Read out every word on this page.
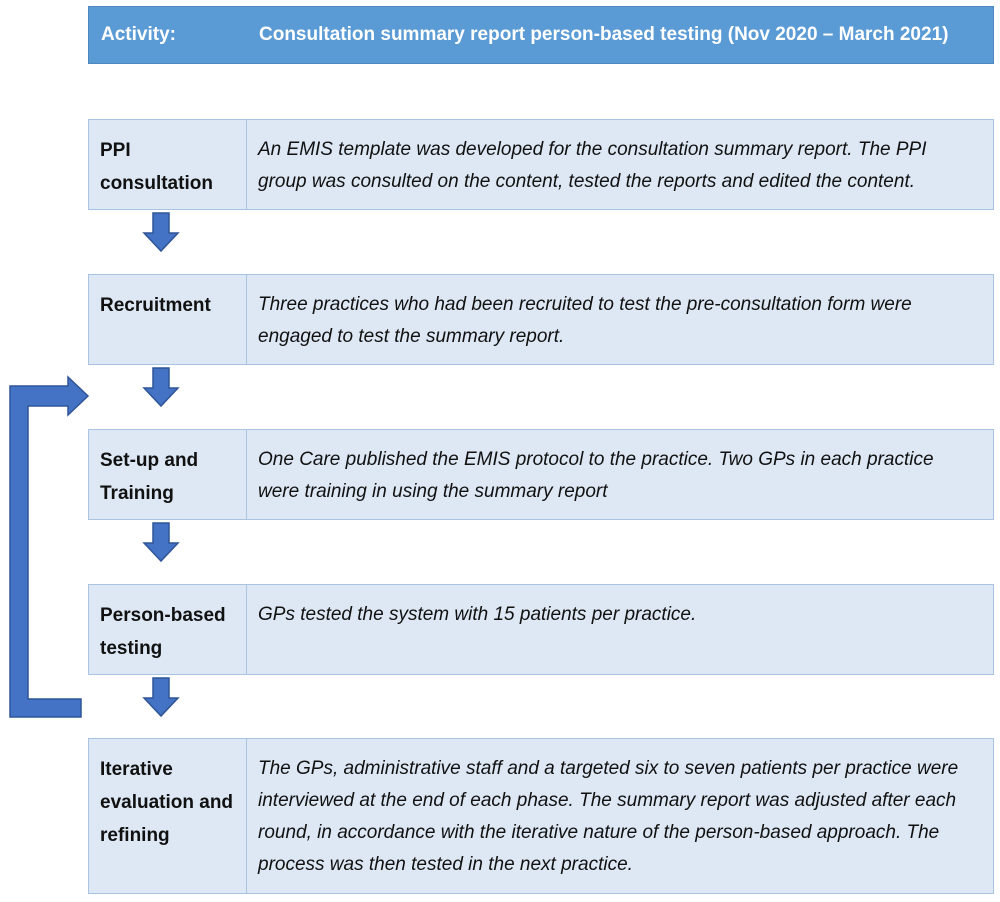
Activity:	Consultation summary report person-based testing (Nov 2020 – March 2021)
PPI consultation
An EMIS template was developed for the consultation summary report. The PPI group was consulted on the content, tested the reports and edited the content.
Recruitment	Three practices who had been recruited to test the pre-consultation form were engaged to test the summary report.
Set-up and Training
One Care published the EMIS protocol to the practice. Two GPs in each practice were training in using the summary report
Person-based testing
GPs tested the system with 15 patients per practice.
Iterative evaluation and refining
The GPs, administrative staff and a targeted six to seven patients per practice were interviewed at the end of each phase. The summary report was adjusted after each round, in accordance with the iterative nature of the person-based approach. The process was then tested in the next practice.
